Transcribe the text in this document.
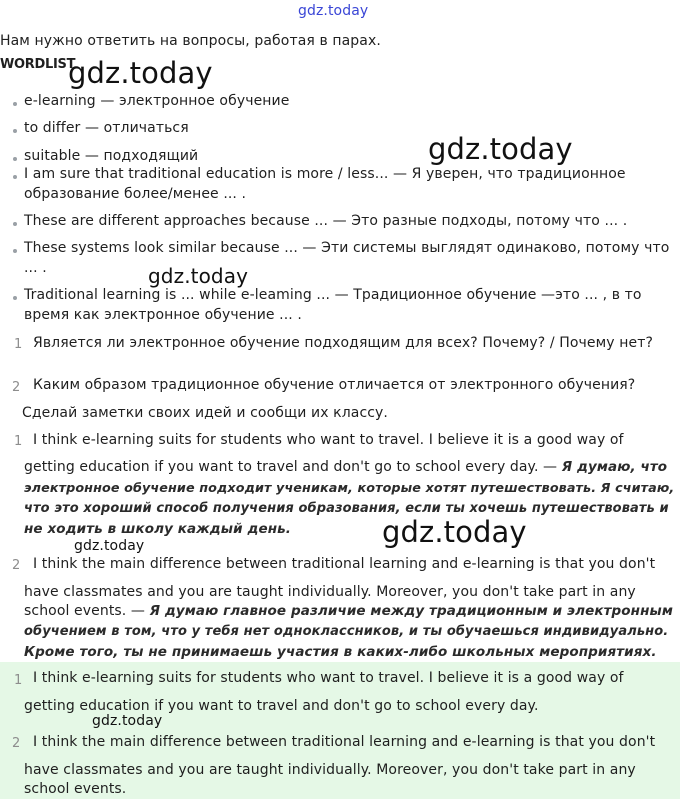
gdz.today
Нам нужно ответить на вопросы, работая в парах.
WORDLIST
gdz.today
e-learning — электронное обучение
to differ — отличаться
suitable — подходящий
I am sure that traditional education is more / less... — Я уверен, что традиционное
образование более/менее ... .
These are different approaches because ... — Это разные подходы, потому что ... .
These systems look similar because ... — Эти системы выглядят одинаково, потому что
... .
Traditional learning is ... while e-leaming ... — Традиционное обучение —это ... , в то
время как электронное обучение ... .
gdz.today
gdz.today
1 Является ли электронное обучение подходящим для всех? Почему? / Почему нет?
2 Каким образом традиционное обучение отличается от электронного обучения?
Сделай заметки своих идей и сообщи их классу.
1 I think e-learning suits for students who want to travel. I believe it is a good way of
getting education if you want to travel and don't go to school every day. — Я думаю, что
электронное обучение подходит ученикам, которые хотят путешествовать. Я считаю,
что это хороший способ получения образования, если ты хочешь путешествовать и
не ходить в школу каждый день.	gdz.today
gdz.today
2 I think the main difference between traditional learning and e-learning is that you don't
have classmates and you are taught individually. Moreover, you don't take part in any
school events. — Я думаю главное различие между традиционным и электронным
обучением в том, что у тебя нет одноклассников, и ты обучаешься индивидуально.
Кроме того, ты не принимаешь участия в каких-либо школьных мероприятиях.
1 I think e-learning suits for students who want to travel. I believe it is a good way of
getting education if you want to travel and don't go to school every day.
gdz.today
2 I think the main difference between traditional learning and e-learning is that you don't
have classmates and you are taught individually. Moreover, you don't take part in any
school events.
